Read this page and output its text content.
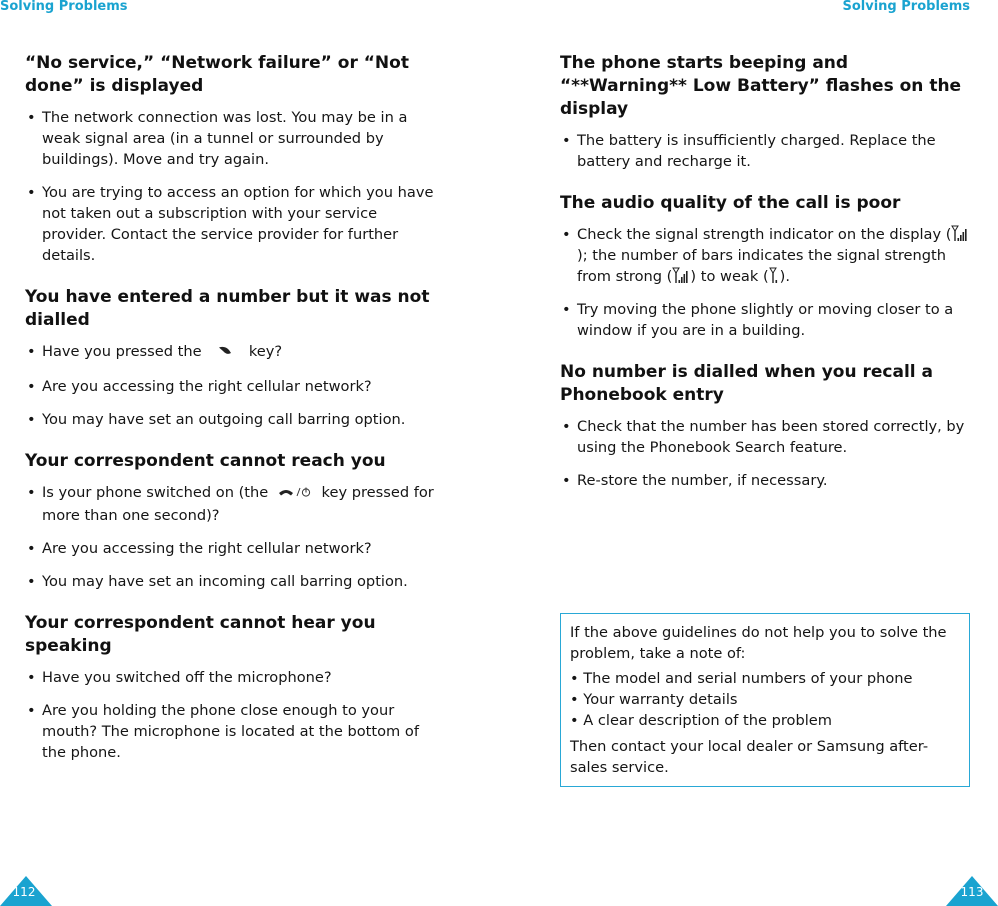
Solving Problems
“No service,” “Network failure” or “Not done” is displayed
• The network connection was lost. You may be in a weak signal area (in a tunnel or surrounded by buildings). Move and try again.
• You are trying to access an option for which you have not taken out a subscription with your service provider. Contact the service provider for further details.
You have entered a number but it was not dialled
• Have you pressed the	key?
• Are you accessing the right cellular network?
• You may have set an outgoing call barring option.
Your correspondent cannot reach you
• Is your phone switched on (the	key pressed for more than one second)?
• Are you accessing the right cellular network?
• You may have set an incoming call barring option.
Your correspondent cannot hear you speaking
• Have you switched off the microphone?
• Are you holding the phone close enough to your mouth? The microphone is located at the bottom of the phone.
112
Solving Problems
The phone starts beeping and “**Warning** Low Battery” flashes on the display
• The battery is insufficiently charged. Replace the battery and recharge it.
The audio quality of the call is poor
• Check the signal strength indicator on the display (
); the number of bars indicates the signal strength from strong ( ) to weak ( ).
• Try moving the phone slightly or moving closer to a window if you are in a building.
No number is dialled when you recall a Phonebook entry
• Check that the number has been stored correctly, by using the Phonebook Search feature.
• Re-store the number, if necessary.

If the above guidelines do not help you to solve the problem, take a note of:

• The model and serial numbers of your phone

• Your warranty details

• A clear description of the problem

Then contact your local dealer or Samsung after-sales service.

113
